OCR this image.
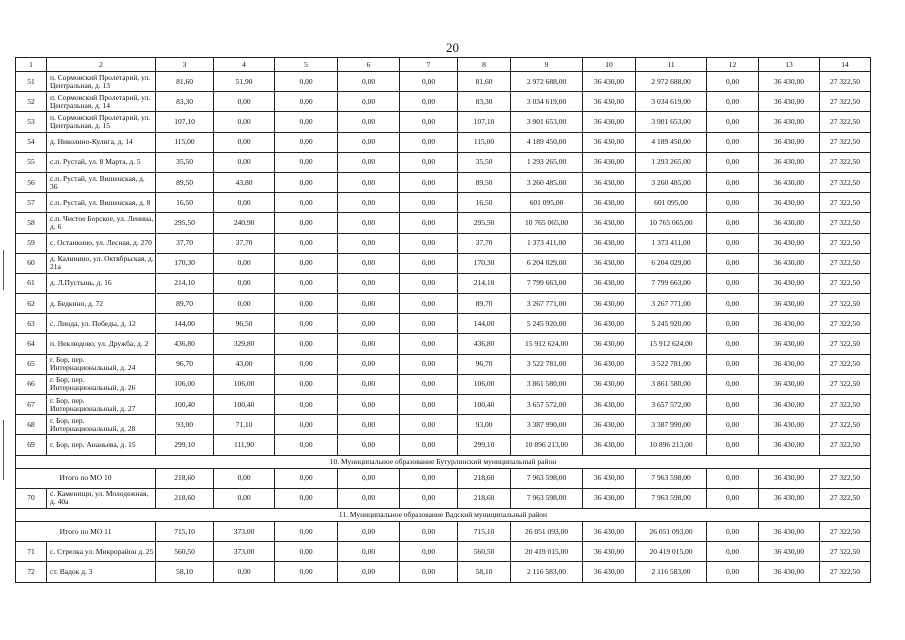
20
1	2	3	4	5	6	7	8	9	10	11	12	13	14
51	п. Сормовский Пролетарий, ул. Центральная, д. 13	81,60	51,90	0,00	0,00	0,00	81,60	2 972 688,00	36 430,00	2 972 688,00	0,00	36 430,00	27 322,50
52	п. Сормовский Пролетарий, ул. Центральная, д. 14	83,30	0,00	0,00	0,00	0,00	83,30	3 034 619,00	36 430,00	3 034 619,00	0,00	36 430,00	27 322,50
53	п. Сормовский Пролетарий, ул. Центральная, д. 15	107,10	0,00	0,00	0,00	0,00	107,10	3 901 653,00	36 430,00	3 901 653,00	0,00	36 430,00	27 322,50
54	д. Николино-Кулига, д. 14	115,00	0,00	0,00	0,00	0,00	115,00	4 189 450,00	36 430,00	4 189 450,00	0,00	36 430,00	27 322,50
55	с.п. Рустай, ул. 8 Марта, д. 5	35,50	0,00	0,00	0,00	0,00	35,50	1 293 265,00	36 430,00	1 293 265,00	0,00	36 430,00	27 322,50
56	с.п. Рустай, ул. Вишенская, д. 36	89,50	43,80	0,00	0,00	0,00	89,50	3 260 485,00	36 430,00	3 260 485,00	0,00	36 430,00	27 322,50
57	с.п. Рустай, ул. Вишенская, д. 8	16,50	0,00	0,00	0,00	0,00	16,50	601 095,00	36 430,00	601 095,00	0,00	36 430,00	27 322,50
58	с.п. Чистое Борское, ул. Ленина, д. 6	295,50	240,90	0,00	0,00	0,00	295,50	10 765 065,00	36 430,00	10 765 065,00	0,00	36 430,00	27 322,50
59	с. Останкино, ул. Лесная, д. 270	37,70	37,70	0,00	0,00	0,00	37,70	1 373 411,00	36 430,00	1 373 411,00	0,00	36 430,00	27 322,50
60	д. Калинино, ул. Октябрьская, д. 21а	170,30	0,00	0,00	0,00	0,00	170,30	6 204 029,00	36 430,00	6 204 029,00	0,00	36 430,00	27 322,50
61	д. Л.Пустынь, д. 16	214,10	0,00	0,00	0,00	0,00	214,10	7 799 663,00	36 430,00	7 799 663,00	0,00	36 430,00	27 322,50
62	д. Бедкино, д. 72	89,70	0,00	0,00	0,00	0,00	89,70	3 267 771,00	36 430,00	3 267 771,00	0,00	36 430,00	27 322,50
63	с. Линда, ул. Победы, д. 12	144,00	96,50	0,00	0,00	0,00	144,00	5 245 920,00	36 430,00	5 245 920,00	0,00	36 430,00	27 322,50
64	п. Неклюдово, ул. Дружба, д. 2	436,80	329,80	0,00	0,00	0,00	436,80	15 912 624,00	36 430,00	15 912 624,00	0,00	36 430,00	27 322,50
65	г. Бор, пер. Интернациональный, д. 24	96,70	43,00	0,00	0,00	0,00	96,70	3 522 781,00	36 430,00	3 522 781,00	0,00	36 430,00	27 322,50
66	г. Бор, пер. Интернациональный, д. 26	106,00	106,00	0,00	0,00	0,00	106,00	3 861 580,00	36 430,00	3 861 580,00	0,00	36 430,00	27 322,50
67	г. Бор, пер. Интернациональный, д. 27	100,40	100,40	0,00	0,00	0,00	100,40	3 657 572,00	36 430,00	3 657 572,00	0,00	36 430,00	27 322,50
68	г. Бор, пер. Интернациональный, д. 28	93,00	71,10	0,00	0,00	0,00	93,00	3 387 990,00	36 430,00	3 387 990,00	0,00	36 430,00	27 322,50
69	г. Бор, пер. Ананьева, д. 15	299,10	111,90	0,00	0,00	0,00	299,10	10 896 213,00	36 430,00	10 896 213,00	0,00	36 430,00	27 322,50
10. Муниципальное образование Бутурлинский муниципальный район													
Итого по МО 10		218,60	0,00	0,00	0,00	0,00	218,60	7 963 598,00	36 430,00	7 963 598,00	0,00	36 430,00	27 322,50
70	с. Каменищи, ул. Молодежная, д. 40а	218,60	0,00	0,00	0,00	0,00	218,60	7 963 598,00	36 430,00	7 963 598,00	0,00	36 430,00	27 322,50
11. Муниципальное образование Вадский муниципальный район													
Итого по МО 11		715,10	373,00	0,00	0,00	0,00	715,10	26 051 093,00	36 430,00	26 051 093,00	0,00	36 430,00	27 322,50
71	с. Стрелка ул. Микрорайон д. 25	560,50	373,00	0,00	0,00	0,00	560,50	20 419 015,00	36 430,00	20 419 015,00	0,00	36 430,00	27 322,50
72	ст. Вадок д. 3	58,10	0,00	0,00	0,00	0,00	58,10	2 116 583,00	36 430,00	2 116 583,00	0,00	36 430,00	27 322,50
